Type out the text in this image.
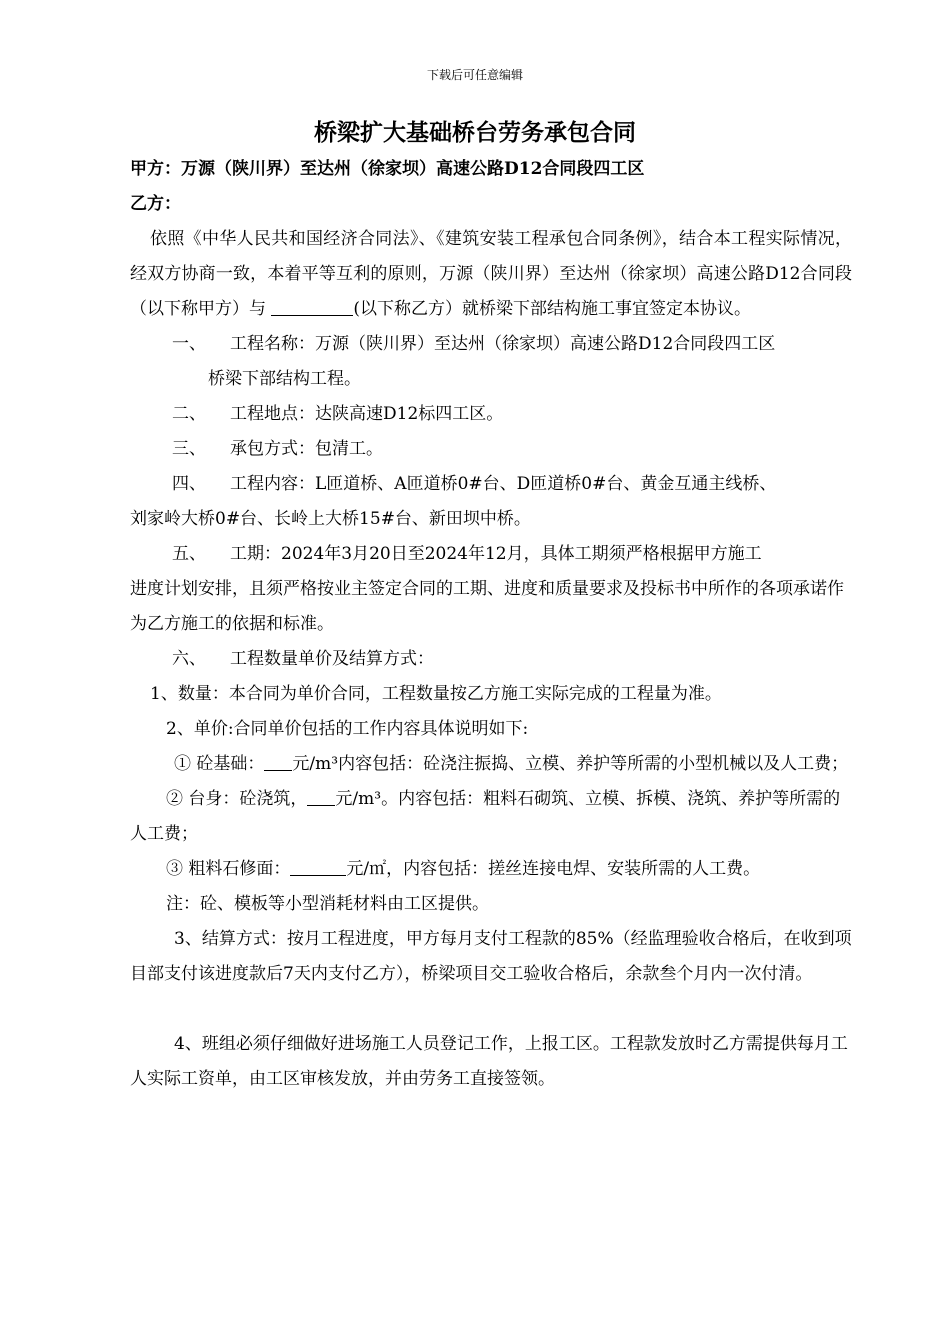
下载后可任意编辑
桥梁扩大基础桥台劳务承包合同

甲方：万源（陕川界）至达州（徐家坝）高速公路D12合同段四工区

乙方：

依照《中华人民共和国经济合同法》、《建筑安装工程承包合同条例》，结合本工程实际情况，经双方协商一致，本着平等互利的原则，万源（陕川界）至达州（徐家坝）高速公路D12合同段（以下称甲方）与	(以下称乙方）就桥梁下部结构施工事宜签定本协议。

一、 工程名称：万源（陕川界）至达州（徐家坝）高速公路D12合同段四工区

桥梁下部结构工程。

二、 工程地点：达陕高速D12标四工区。

三、 承包方式：包清工。

四、 工程内容：L匝道桥、A匝道桥0#台、D匝道桥0#台、黄金互通主线桥、

刘家岭大桥0#台、长岭上大桥15#台、新田坝中桥。

五、 工期：2024年3月20日至2024年12月，具体工期须严格根据甲方施工

进度计划安排，且须严格按业主签定合同的工期、进度和质量要求及投标书中所作的各项承诺作为乙方施工的依据和标准。

六、 工程数量单价及结算方式：

1、数量：本合同为单价合同，工程数量按乙方施工实际完成的工程量为准。

2、单价:合同单价包括的工作内容具体说明如下:

① 砼基础： 元/m³内容包括：砼浇注振捣、立模、养护等所需的小型机械以及人工费；

② 台身：砼浇筑， 元/m³。内容包括：粗料石砌筑、立模、拆模、浇筑、养护等所需的人工费；

③ 粗料石修面：	元/㎡，内容包括：搓丝连接电焊、安装所需的人工费。

注：砼、模板等小型消耗材料由工区提供。

3、结算方式：按月工程进度，甲方每月支付工程款的85%（经监理验收合格后，在收到项目部支付该进度款后7天内支付乙方），桥梁项目交工验收合格后，余款叁个月内一次付清。

4、班组必须仔细做好进场施工人员登记工作，上报工区。工程款发放时乙方需提供每月工人实际工资单，由工区审核发放，并由劳务工直接签领。
